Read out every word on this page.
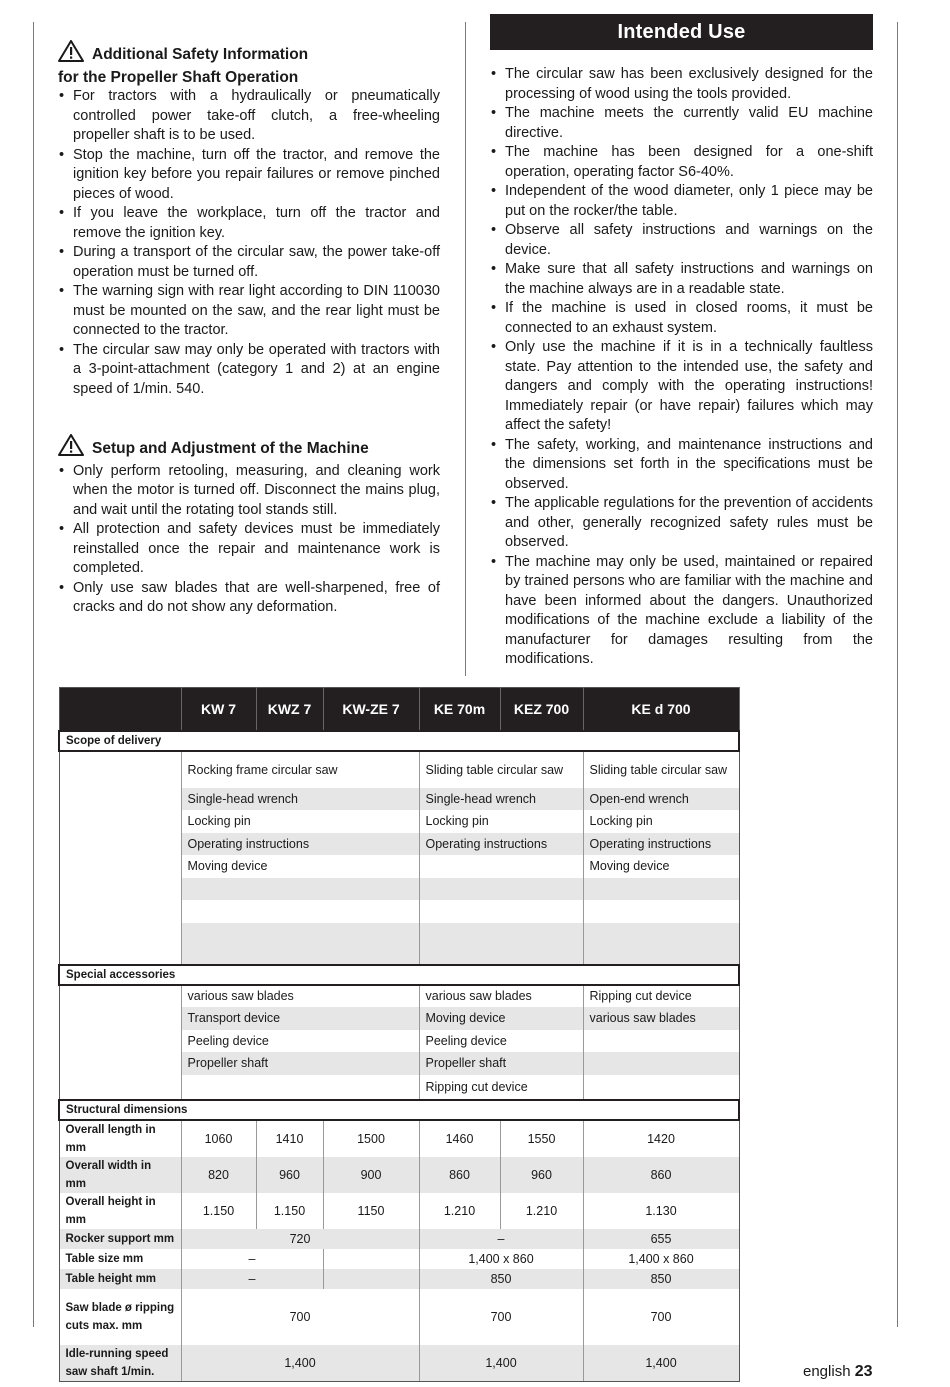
Additional Safety Information
for the Propeller Shaft Operation
• For tractors with a hydraulically or pneumatically controlled power take-off clutch, a free-wheeling propeller shaft is to be used.
• Stop the machine, turn off the tractor, and remove the ignition key before you repair failures or remove pinched pieces of wood.
• If you leave the workplace, turn off the tractor and remove the ignition key.
• During a transport of the circular saw, the power take-off operation must be turned off.
• The warning sign with rear light according to DIN 110030 must be mounted on the saw, and the rear light must be connected to the tractor.
• The circular saw may only be operated with tractors with a 3-point-attachment (category 1 and 2) at an engine speed of 1/min. 540.
Setup and Adjustment of the Machine
• Only perform retooling, measuring, and cleaning work when the motor is turned off. Disconnect the mains plug, and wait until the rotating tool stands still.
• All protection and safety devices must be immediately reinstalled once the repair and maintenance work is completed.
• Only use saw blades that are well-sharpened, free of cracks and do not show any deformation.
Intended Use
• The circular saw has been exclusively designed for the processing of wood using the tools provided.
• The machine meets the currently valid EU machine directive.
• The machine has been designed for a one-shift operation, operating factor S6-40%.
• Independent of the wood diameter, only 1 piece may be put on the rocker/the table.
• Observe all safety instructions and warnings on the device.
• Make sure that all safety instructions and warnings on the machine always are in a readable state.
• If the machine is used in closed rooms, it must be connected to an exhaust system.
• Only use the machine if it is in a technically faultless state. Pay attention to the intended use, the safety and dangers and comply with the operating instructions! Immediately repair (or have repair) failures which may affect the safety!
• The safety, working, and maintenance instructions and the dimensions set forth in the specifications must be observed.
• The applicable regulations for the prevention of accidents and other, generally recognized safety rules must be observed.
• The machine may only be used, maintained or repaired by trained persons who are familiar with the machine and have been informed about the dangers. Unauthorized modifications of the machine exclude a liability of the manufacturer for damages resulting from the modifications.
	KW 7	KWZ 7	KW-ZE 7	KE 70m	KEZ 700	KE d 700
Scope of delivery						
	Rocking frame circular saw			Sliding table circular saw		Sliding table circular saw
	Single-head wrench			Single-head wrench		Open-end wrench
	Locking pin			Locking pin		Locking pin
	Operating instructions			Operating instructions		Operating instructions
	Moving device					Moving device

Special accessories						
	various saw blades			various saw blades		Ripping cut device
	Transport device			Moving device		various saw blades
	Peeling device			Peeling device		
	Propeller shaft			Propeller shaft		
				Ripping cut device		
Structural dimensions						
Overall length in mm	1060	1410	1500	1460	1550	1420
Overall width in mm	820	960	900	860	960	860
Overall height in mm	1.150	1.150	1150	1.210	1.210	1.130
Rocker support mm	720			–		655
Table size mm	–			1,400 x 860		1,400 x 860
Table height mm	–			850		850
Saw blade ø ripping cuts max. mm	700			700		700
Idle-running speed saw shaft 1/min.	1,400			1,400		1,400
english 23
